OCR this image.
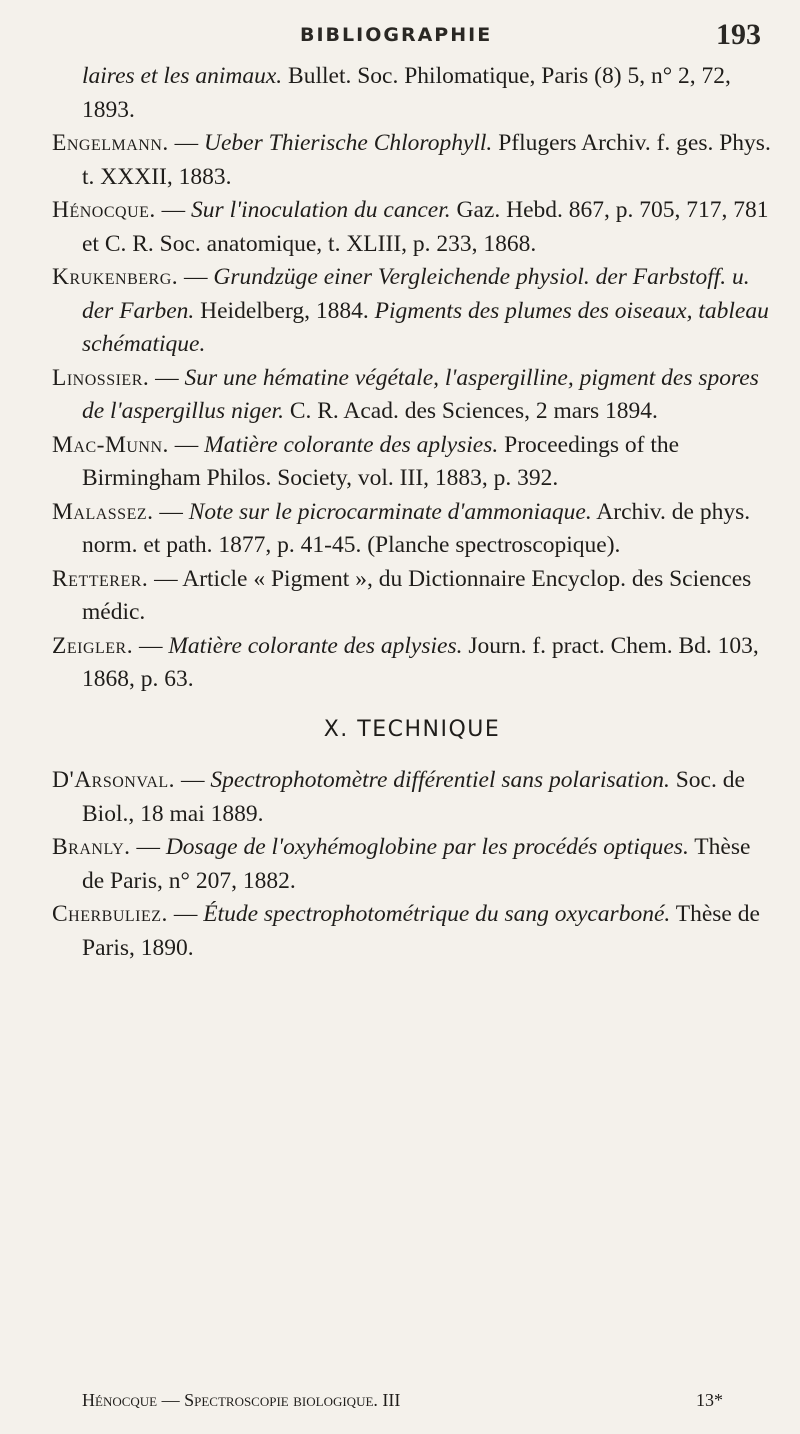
BIBLIOGRAPHIE	193

laires et les animaux. Bullet. Soc. Philomatique, Paris (8) 5, n° 2, 72, 1893.

Engelmann. — Ueber Thierische Chlorophyll. Pflugers Archiv. f. ges. Phys. t. XXXII, 1883.

Hénocque. — Sur l'inoculation du cancer. Gaz. Hebd. 867, p. 705, 717, 781 et C. R. Soc. anatomique, t. XLIII, p. 233, 1868.

Krukenberg. — Grundzüge einer Vergleichende physiol. der Farbstoff. u. der Farben. Heidelberg, 1884. Pigments des plumes des oiseaux, tableau schématique.

Linossier. — Sur une hématine végétale, l'aspergilline, pigment des spores de l'aspergillus niger. C. R. Acad. des Sciences, 2 mars 1894.

Mac-Munn. — Matière colorante des aplysies. Proceedings of the Birmingham Philos. Society, vol. III, 1883, p. 392.

Malassez. — Note sur le picrocarminate d'ammoniaque. Archiv. de phys. norm. et path. 1877, p. 41-45. (Planche spectroscopique).

Retterer. — Article « Pigment », du Dictionnaire Encyclop. des Sciences médic.

Zeigler. — Matière colorante des aplysies. Journ. f. pract. Chem. Bd. 103, 1868, p. 63.

X. TECHNIQUE

D'Arsonval. — Spectrophotomètre différentiel sans polarisation. Soc. de Biol., 18 mai 1889.

Branly. — Dosage de l'oxyhémoglobine par les procédés optiques. Thèse de Paris, n° 207, 1882.

Cherbuliez. — Étude spectrophotométrique du sang oxycarboné. Thèse de Paris, 1890.

Hénocque — Spectroscopie biologique. III	13*
